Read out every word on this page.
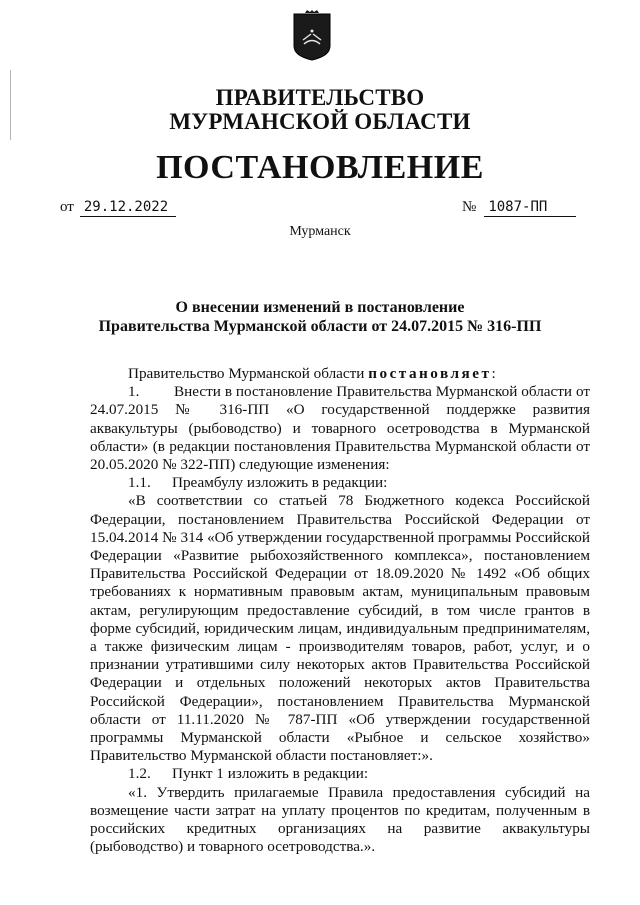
ПРАВИТЕЛЬСТВО
МУРМАНСКОЙ ОБЛАСТИ
ПОСТАНОВЛЕНИЕ
от 29.12.2022	№ 1087-ПП
Мурманск
О внесении изменений в постановление
Правительства Мурманской области от 24.07.2015 № 316-ПП

Правительство Мурманской области постановляет:

1. Внести в постановление Правительства Мурманской области от 24.07.2015 № 316-ПП «О государственной поддержке развития аквакультуры (рыбоводство) и товарного осетроводства в Мурманской области» (в редакции постановления Правительства Мурманской области от 20.05.2020 № 322-ПП) следующие изменения:

1.1. Преамбулу изложить в редакции:

«В соответствии со статьей 78 Бюджетного кодекса Российской Федерации, постановлением Правительства Российской Федерации от 15.04.2014 № 314 «Об утверждении государственной программы Российской Федерации «Развитие рыбохозяйственного комплекса», постановлением Правительства Российской Федерации от 18.09.2020 № 1492 «Об общих требованиях к нормативным правовым актам, муниципальным правовым актам, регулирующим предоставление субсидий, в том числе грантов в форме субсидий, юридическим лицам, индивидуальным предпринимателям, а также физическим лицам - производителям товаров, работ, услуг, и о признании утратившими силу некоторых актов Правительства Российской Федерации и отдельных положений некоторых актов Правительства Российской Федерации», постановлением Правительства Мурманской области от 11.11.2020 № 787-ПП «Об утверждении государственной программы Мурманской области «Рыбное и сельское хозяйство» Правительство Мурманской области постановляет:».

1.2. Пункт 1 изложить в редакции:

«1. Утвердить прилагаемые Правила предоставления субсидий на возмещение части затрат на уплату процентов по кредитам, полученным в российских кредитных организациях на развитие аквакультуры (рыбоводство) и товарного осетроводства.».
